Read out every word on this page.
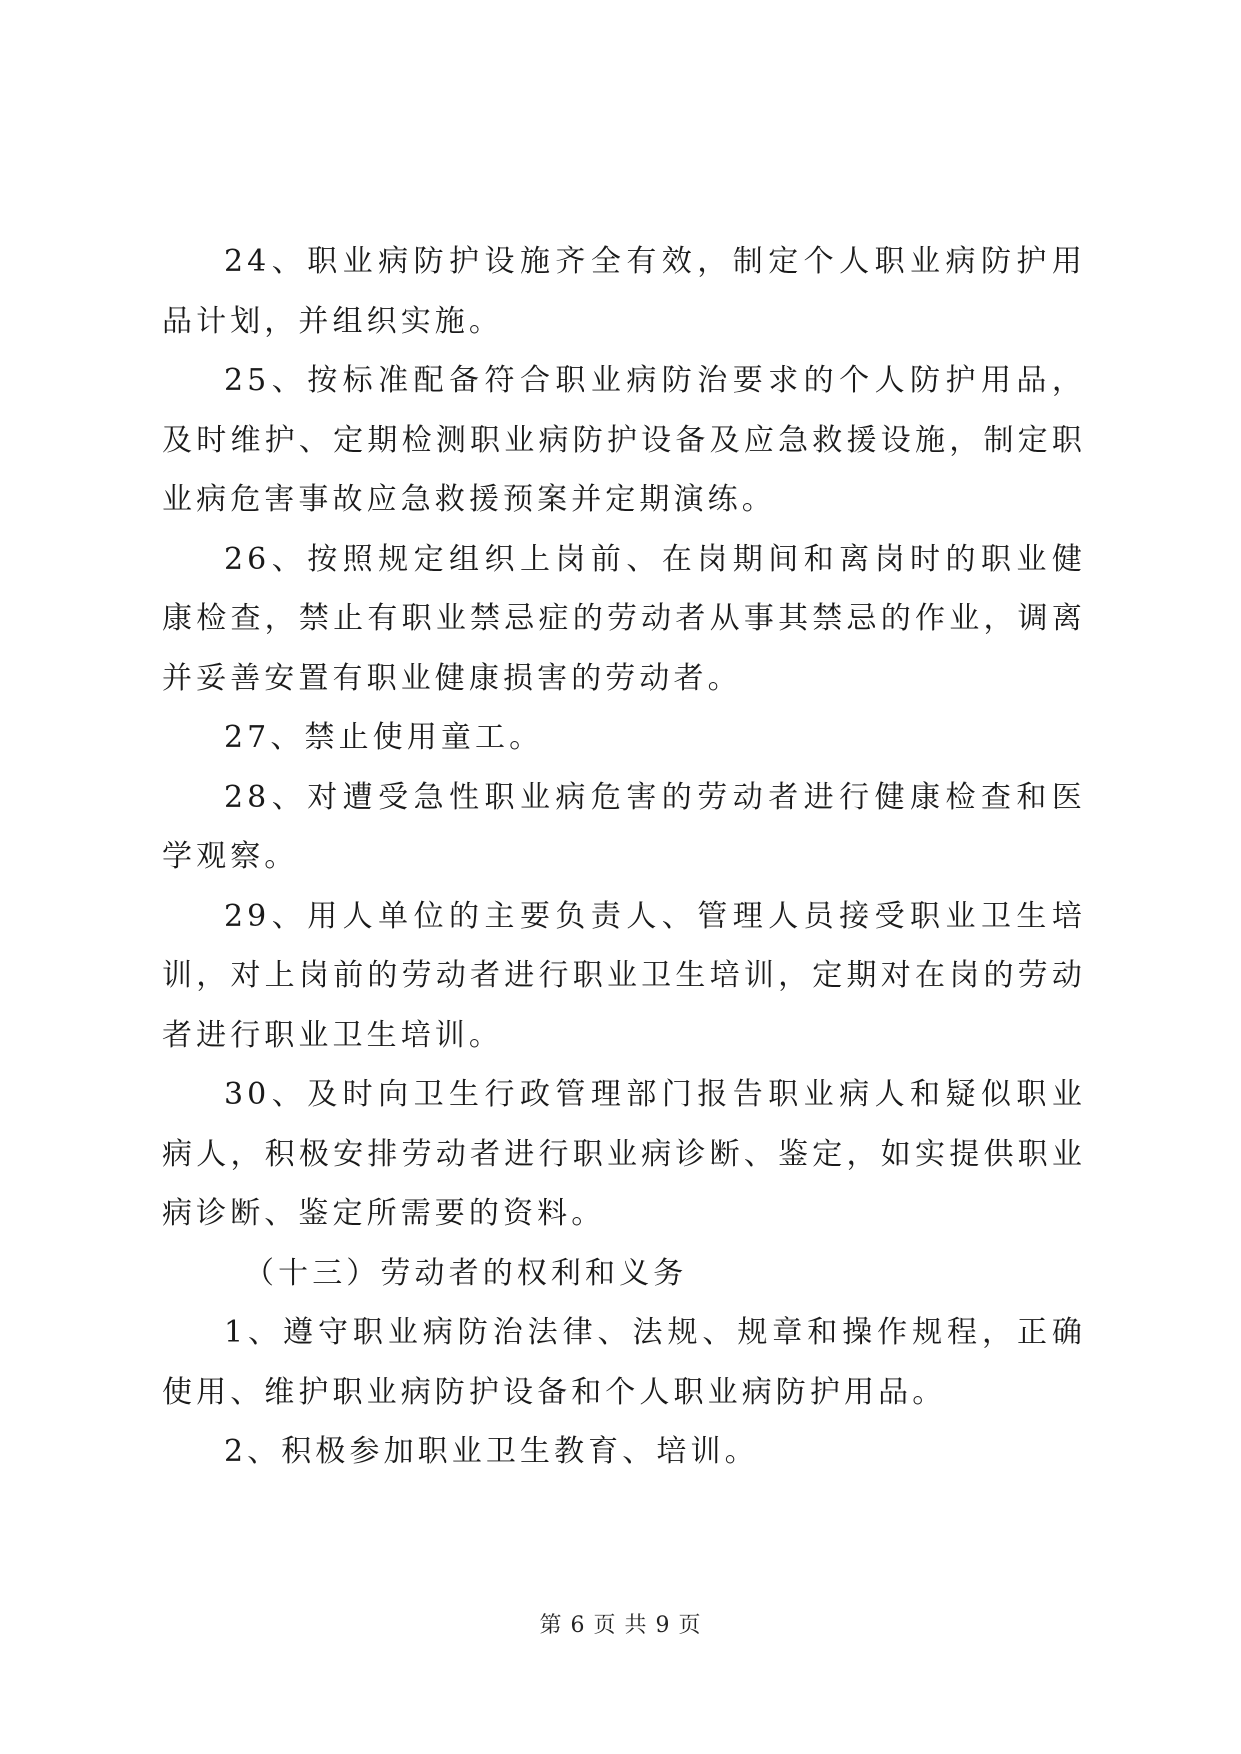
24、职业病防护设施齐全有效，制定个人职业病防护用品计划，并组织实施。

25、按标准配备符合职业病防治要求的个人防护用品，及时维护、定期检测职业病防护设备及应急救援设施，制定职业病危害事故应急救援预案并定期演练。

26、按照规定组织上岗前、在岗期间和离岗时的职业健康检查，禁止有职业禁忌症的劳动者从事其禁忌的作业，调离并妥善安置有职业健康损害的劳动者。

27、禁止使用童工。

28、对遭受急性职业病危害的劳动者进行健康检查和医学观察。

29、用人单位的主要负责人、管理人员接受职业卫生培训，对上岗前的劳动者进行职业卫生培训，定期对在岗的劳动者进行职业卫生培训。

30、及时向卫生行政管理部门报告职业病人和疑似职业病人，积极安排劳动者进行职业病诊断、鉴定，如实提供职业病诊断、鉴定所需要的资料。

（十三）劳动者的权利和义务

1、遵守职业病防治法律、法规、规章和操作规程，正确使用、维护职业病防护设备和个人职业病防护用品。

2、积极参加职业卫生教育、培训。

第 6 页 共 9 页
